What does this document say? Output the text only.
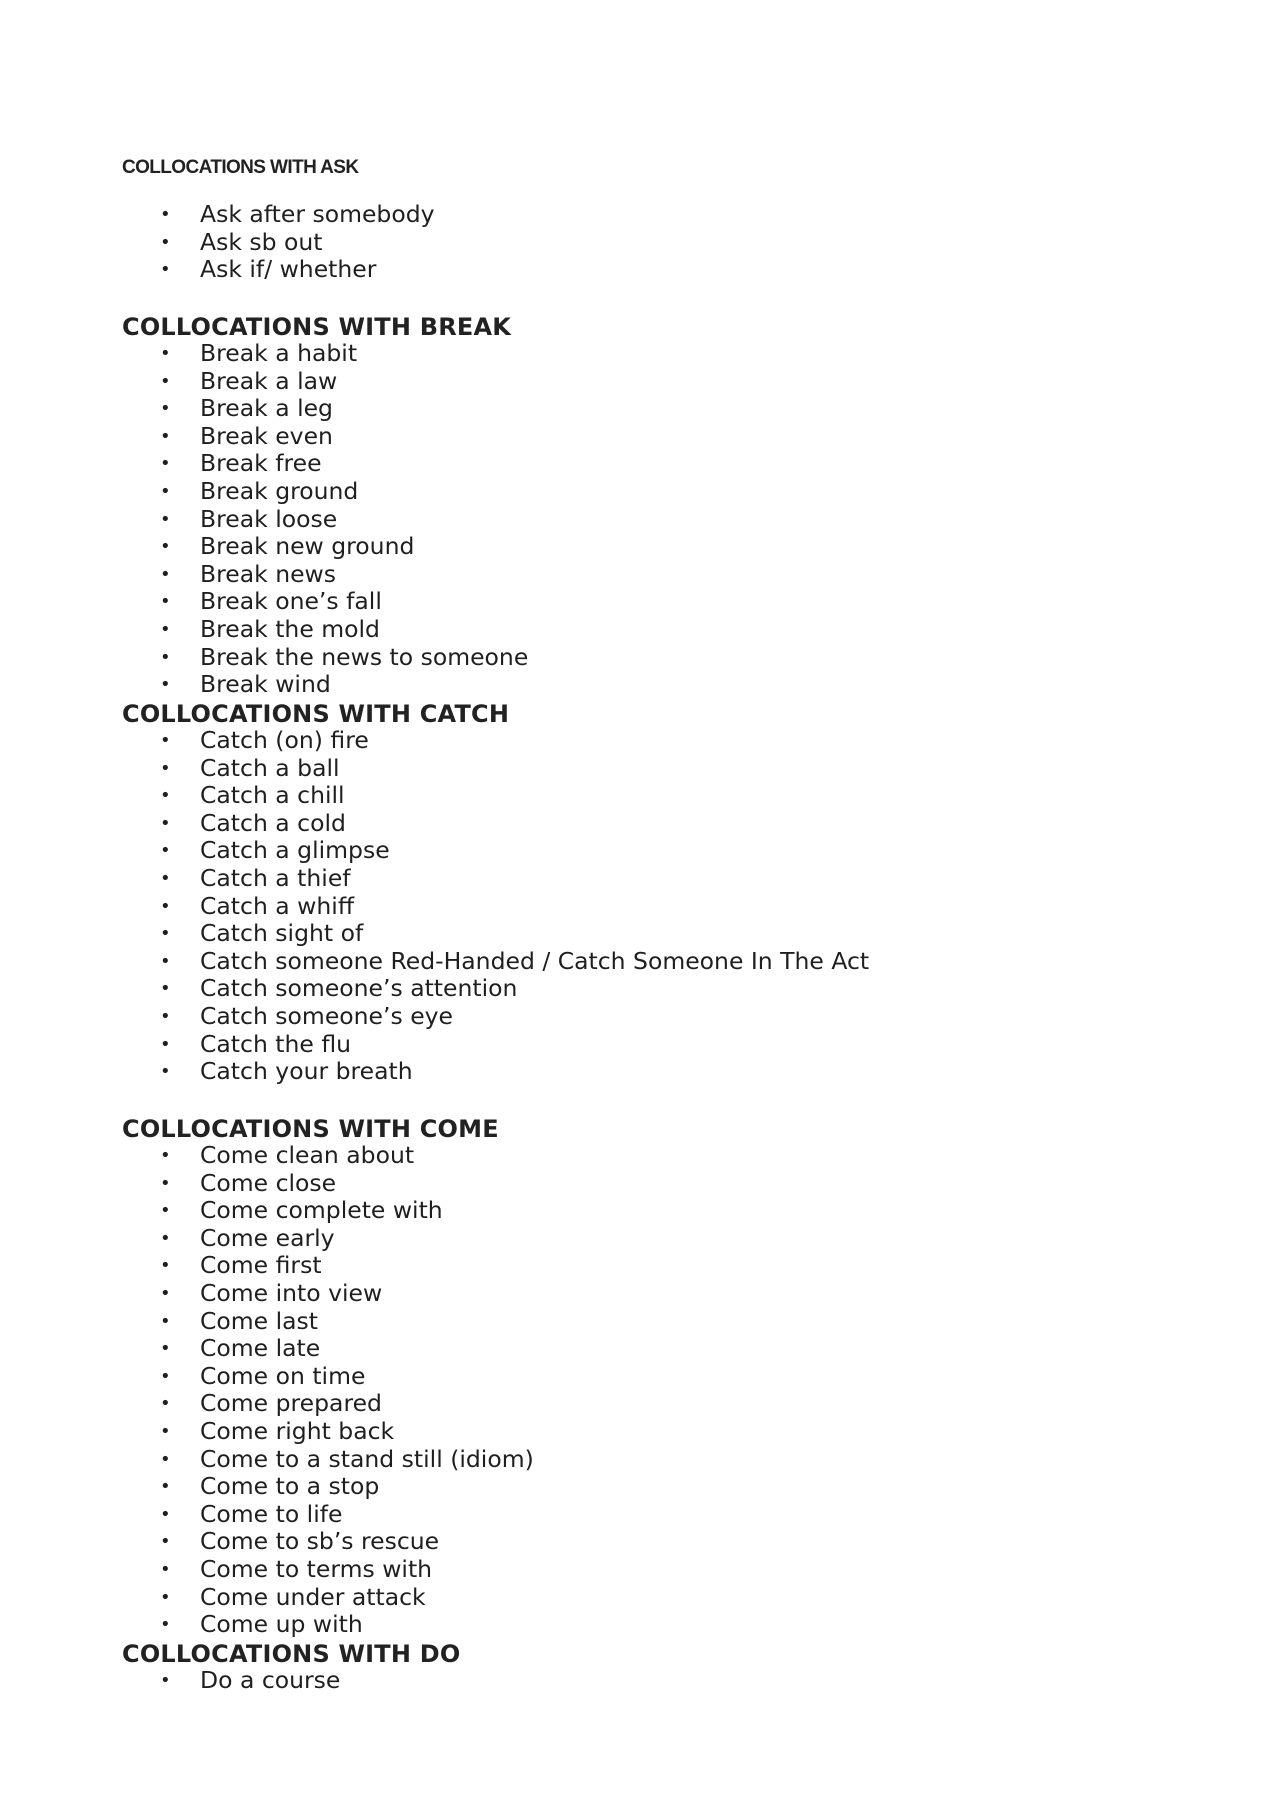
COLLOCATIONS WITH ASK
• Ask after somebody
• Ask sb out
• Ask if/ whether
COLLOCATIONS WITH BREAK
• Break a habit
• Break a law
• Break a leg
• Break even
• Break free
• Break ground
• Break loose
• Break new ground
• Break news
• Break one’s fall
• Break the mold
• Break the news to someone
• Break wind
COLLOCATIONS WITH CATCH
• Catch (on) fire
• Catch a ball
• Catch a chill
• Catch a cold
• Catch a glimpse
• Catch a thief
• Catch a whiff
• Catch sight of
• Catch someone Red-Handed / Catch Someone In The Act
• Catch someone’s attention
• Catch someone’s eye
• Catch the flu
• Catch your breath
COLLOCATIONS WITH COME
• Come clean about
• Come close
• Come complete with
• Come early
• Come first
• Come into view
• Come last
• Come late
• Come on time
• Come prepared
• Come right back
• Come to a stand still (idiom)
• Come to a stop
• Come to life
• Come to sb’s rescue
• Come to terms with
• Come under attack
• Come up with
COLLOCATIONS WITH DO
• Do a course
